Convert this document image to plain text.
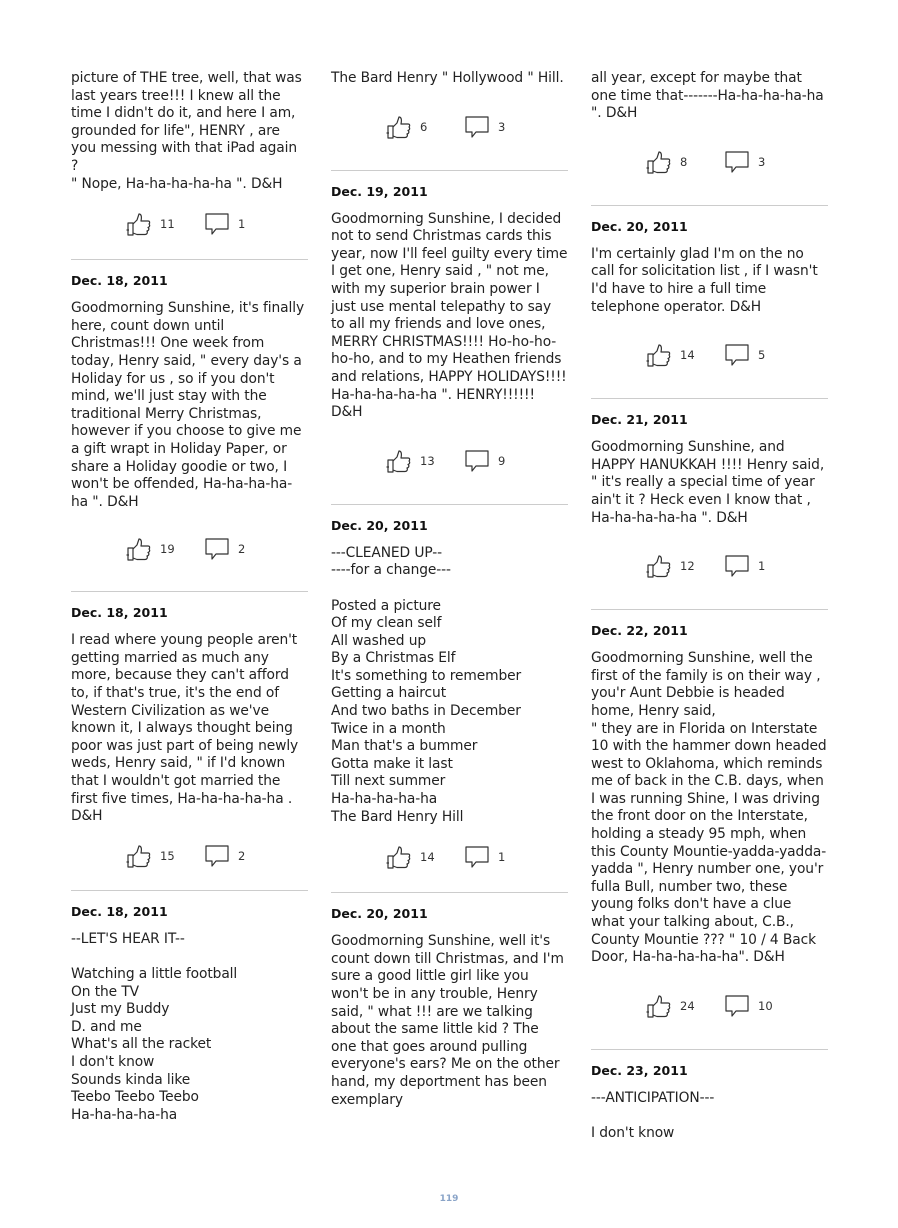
picture of THE tree, well, that was last years tree!!! I knew all the time I didn't do it, and here I am, grounded for life", HENRY , are you messing with that iPad again ?
" Nope, Ha-ha-ha-ha-ha ". D&H
11	1
Dec. 18, 2011
Goodmorning Sunshine, it's finally here, count down until Christmas!!! One week from today, Henry said, " every day's a Holiday for us , so if you don't mind, we'll just stay with the traditional Merry Christmas, however if you choose to give me a gift wrapt in Holiday Paper, or share a Holiday goodie or two, I won't be offended, Ha-ha-ha-ha-ha ". D&H
19	2
Dec. 18, 2011
I read where young people aren't getting married as much any more, because they can't afford to, if that's true, it's the end of Western Civilization as we've known it, I always thought being poor was just part of being newly weds, Henry said, " if I'd known that I wouldn't got married the first five times, Ha-ha-ha-ha-ha . D&H
15	2
Dec. 18, 2011
--LET'S HEAR IT--

Watching a little football
On the TV
Just my Buddy
D. and me
What's all the racket
I don't know
Sounds kinda like
Teebo Teebo Teebo
Ha-ha-ha-ha-ha
The Bard Henry " Hollywood " Hill.
6	3
Dec. 19, 2011
Goodmorning Sunshine, I decided not to send Christmas cards this year, now I'll feel guilty every time I get one, Henry said , " not me, with my superior brain power I just use mental telepathy to say to all my friends and love ones, MERRY CHRISTMAS!!!! Ho-ho-ho-ho-ho, and to my Heathen friends and relations, HAPPY HOLIDAYS!!!! Ha-ha-ha-ha-ha ". HENRY!!!!!! D&H
13	9
Dec. 20, 2011
---CLEANED UP--
----for a change---

Posted a picture
Of my clean self
All washed up
By a Christmas Elf
It's something to remember
Getting a haircut
And two baths in December
Twice in a month
Man that's a bummer
Gotta make it last
Till next summer
Ha-ha-ha-ha-ha
The Bard Henry Hill
14	1
Dec. 20, 2011
Goodmorning Sunshine, well it's count down till Christmas, and I'm sure a good little girl like you won't be in any trouble, Henry said, " what !!! are we talking about the same little kid ? The one that goes around pulling everyone's ears? Me on the other hand, my deportment has been exemplary
all year, except for maybe that one time that-------Ha-ha-ha-ha-ha ". D&H
8	3
Dec. 20, 2011
I'm certainly glad I'm on the no call for solicitation list , if I wasn't I'd have to hire a full time telephone operator. D&H
14	5
Dec. 21, 2011
Goodmorning Sunshine, and HAPPY HANUKKAH !!!! Henry said, " it's really a special time of year ain't it ? Heck even I know that , Ha-ha-ha-ha-ha ". D&H
12	1
Dec. 22, 2011
Goodmorning Sunshine, well the first of the family is on their way , you'r Aunt Debbie is headed home, Henry said,
" they are in Florida on Interstate 10 with the hammer down headed west to Oklahoma, which reminds me of back in the C.B. days, when I was running Shine, I was driving the front door on the Interstate, holding a steady 95 mph, when this County Mountie-yadda-yadda-yadda ", Henry number one, you'r fulla Bull, number two, these young folks don't have a clue what your talking about, C.B., County Mountie ??? " 10 / 4 Back Door, Ha-ha-ha-ha-ha". D&H
24	10
Dec. 23, 2011
---ANTICIPATION---

I don't know
119
